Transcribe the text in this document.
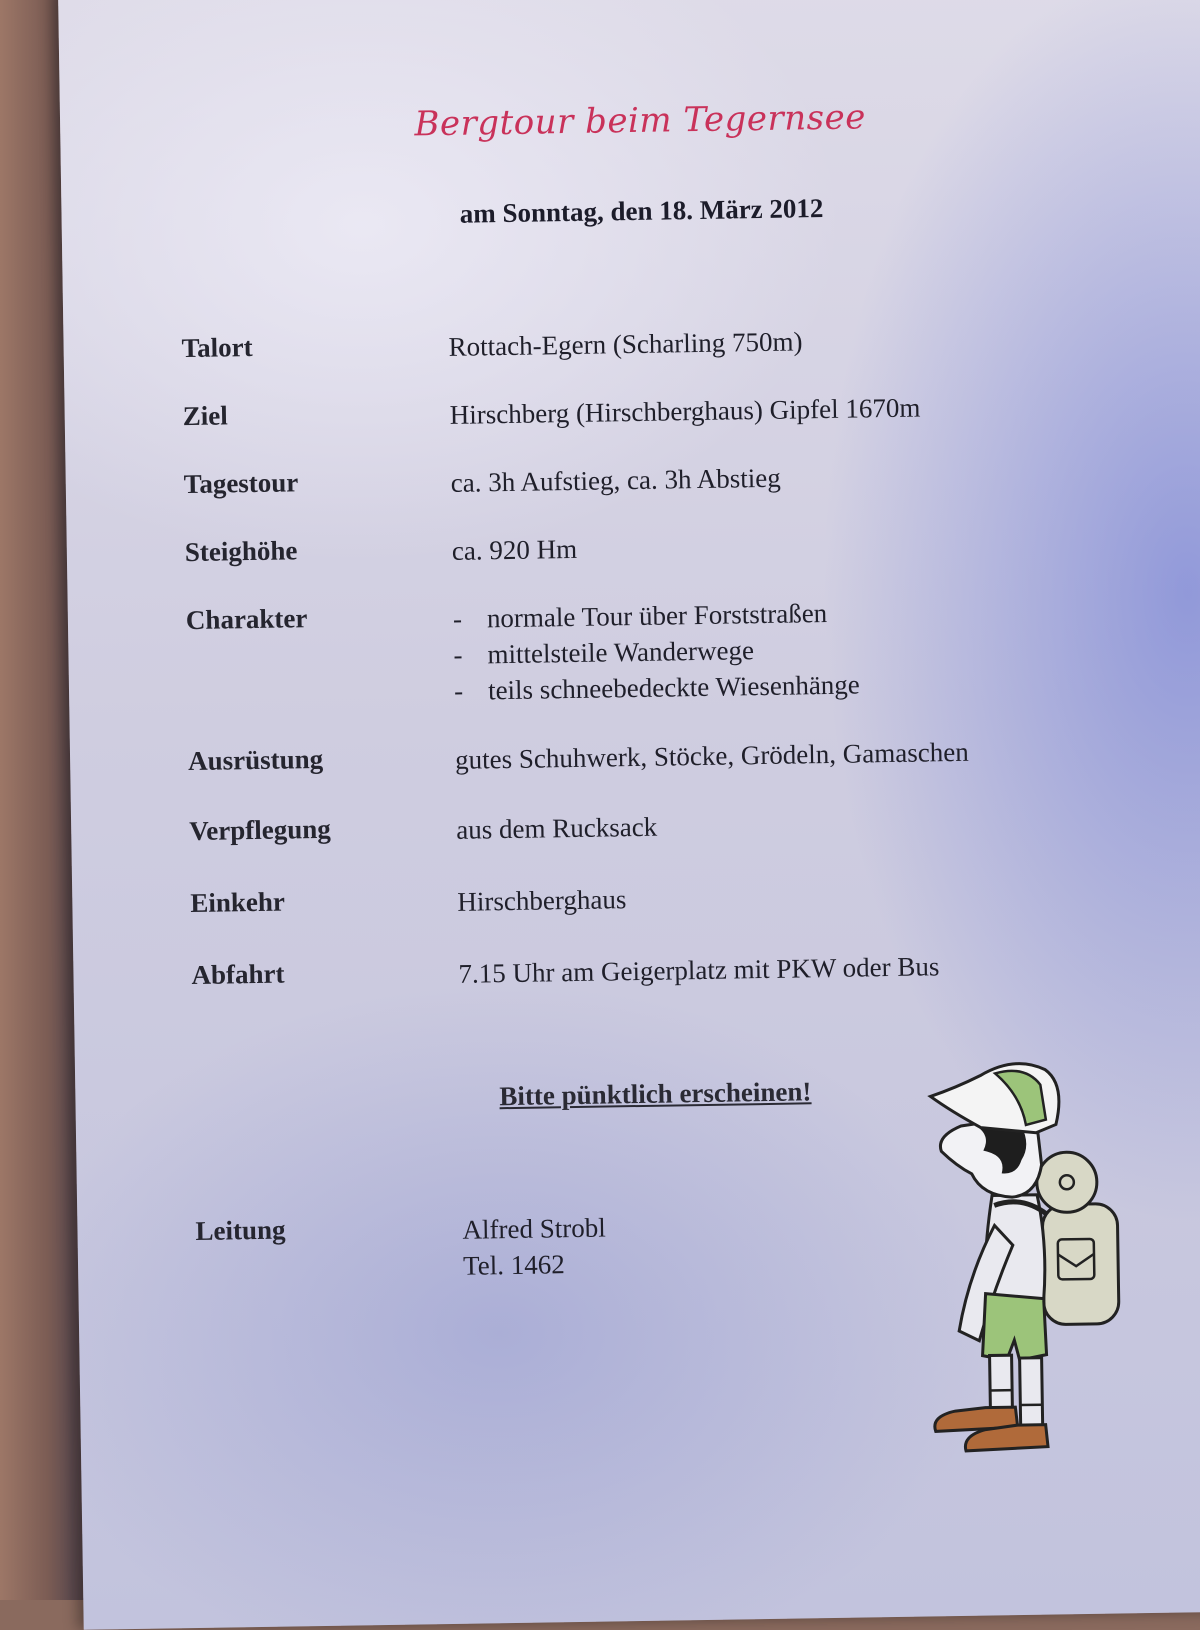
Bergtour beim Tegernsee
am Sonntag, den 18. März 2012
Talort	Rottach-Egern (Scharling 750m)
Ziel	Hirschberg (Hirschberghaus) Gipfel 1670m
Tagestour	ca. 3h Aufstieg, ca. 3h Abstieg
Steighöhe	ca. 920 Hm
Charakter	- normale Tour über Forststraßen
- mittelsteile Wanderwege
- teils schneebedeckte Wiesenhänge
Ausrüstung	gutes Schuhwerk, Stöcke, Grödeln, Gamaschen
Verpflegung	aus dem Rucksack
Einkehr	Hirschberghaus
Abfahrt	7.15 Uhr am Geigerplatz mit PKW oder Bus
Bitte pünktlich erscheinen!
Leitung	Alfred Strobl
Tel. 1462
